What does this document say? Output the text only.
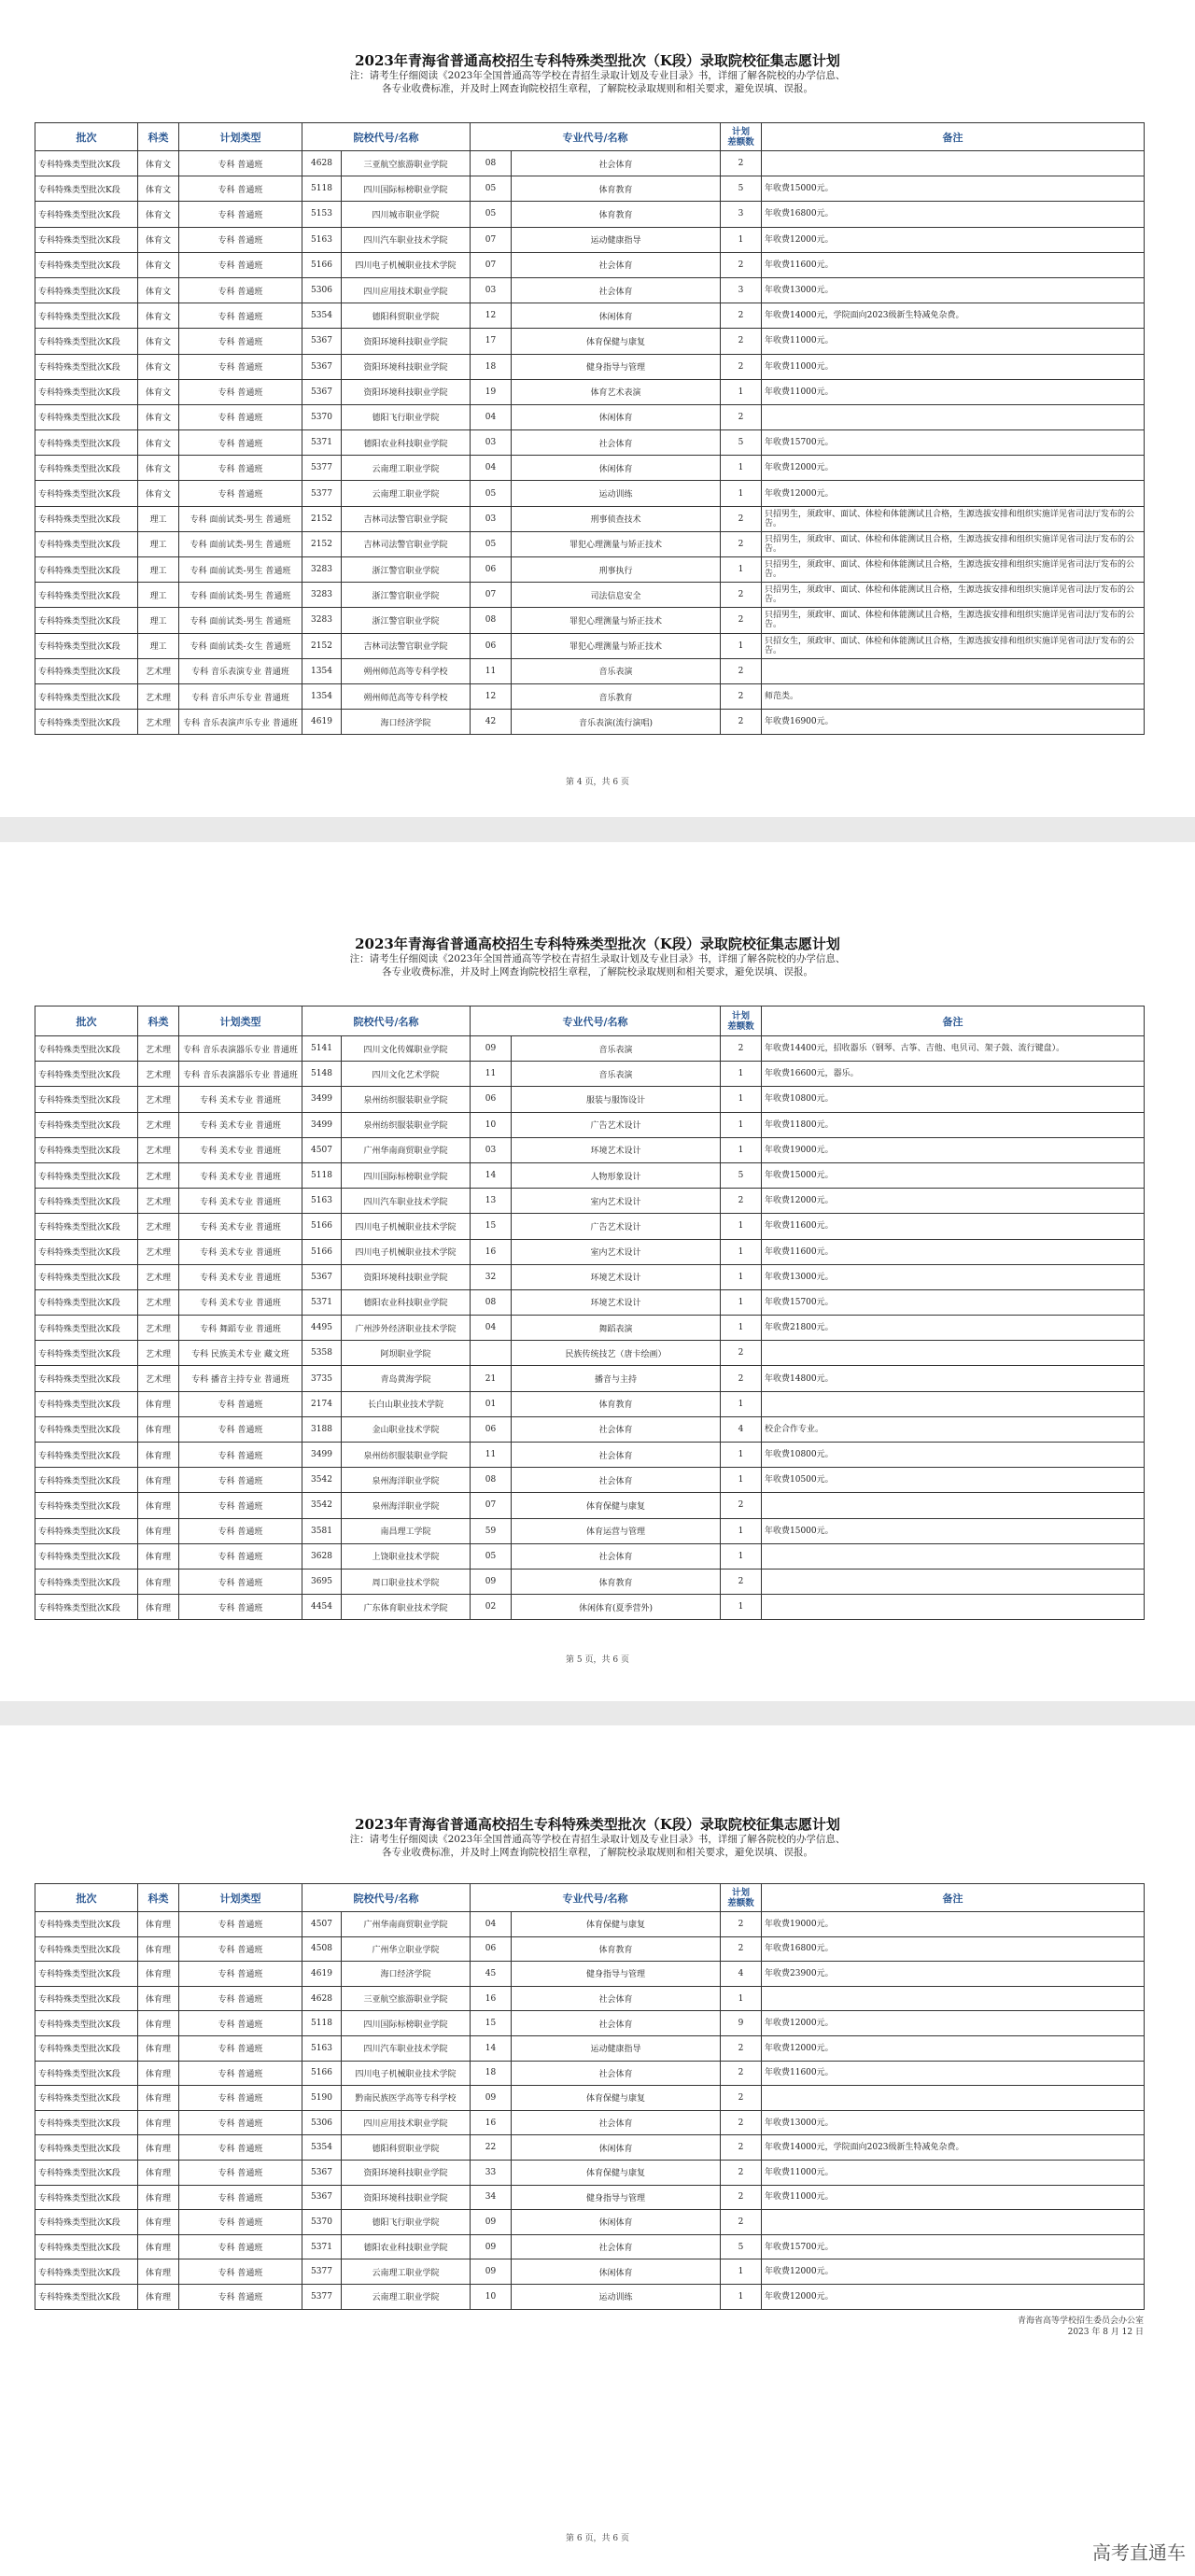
2023年青海省普通高校招生专科特殊类型批次（K段）录取院校征集志愿计划
注：请考生仔细阅读《2023年全国普通高等学校在青招生录取计划及专业目录》书，详细了解各院校的办学信息、
各专业收费标准，并及时上网查询院校招生章程，了解院校录取规则和相关要求，避免误填、误报。
批次	科类	计划类型	院校代号/名称		专业代号/名称		计划
差额数	备注
专科特殊类型批次K段	体育文	专科 普通班	4628	三亚航空旅游职业学院	08	社会体育	2	
专科特殊类型批次K段	体育文	专科 普通班	5118	四川国际标榜职业学院	05	体育教育	5	年收费15000元。
专科特殊类型批次K段	体育文	专科 普通班	5153	四川城市职业学院	05	体育教育	3	年收费16800元。
专科特殊类型批次K段	体育文	专科 普通班	5163	四川汽车职业技术学院	07	运动健康指导	1	年收费12000元。
专科特殊类型批次K段	体育文	专科 普通班	5166	四川电子机械职业技术学院	07	社会体育	2	年收费11600元。
专科特殊类型批次K段	体育文	专科 普通班	5306	四川应用技术职业学院	03	社会体育	3	年收费13000元。
专科特殊类型批次K段	体育文	专科 普通班	5354	德阳科贸职业学院	12	休闲体育	2	年收费14000元，学院面向2023级新生特减免杂费。
专科特殊类型批次K段	体育文	专科 普通班	5367	资阳环境科技职业学院	17	体育保健与康复	2	年收费11000元。
专科特殊类型批次K段	体育文	专科 普通班	5367	资阳环境科技职业学院	18	健身指导与管理	2	年收费11000元。
专科特殊类型批次K段	体育文	专科 普通班	5367	资阳环境科技职业学院	19	体育艺术表演	1	年收费11000元。
专科特殊类型批次K段	体育文	专科 普通班	5370	德阳飞行职业学院	04	休闲体育	2	
专科特殊类型批次K段	体育文	专科 普通班	5371	德阳农业科技职业学院	03	社会体育	5	年收费15700元。
专科特殊类型批次K段	体育文	专科 普通班	5377	云南理工职业学院	04	休闲体育	1	年收费12000元。
专科特殊类型批次K段	体育文	专科 普通班	5377	云南理工职业学院	05	运动训练	1	年收费12000元。
专科特殊类型批次K段	理工	专科 面前试类-男生 普通班	2152	吉林司法警官职业学院	03	刑事侦查技术	2	只招男生，须政审、面试、体检和体能测试且合格，生源选拔安排和组织实施详见省司法厅发布的公告。
专科特殊类型批次K段	理工	专科 面前试类-男生 普通班	2152	吉林司法警官职业学院	05	罪犯心理测量与矫正技术	2	只招男生，须政审、面试、体检和体能测试且合格，生源选拔安排和组织实施详见省司法厅发布的公告。
专科特殊类型批次K段	理工	专科 面前试类-男生 普通班	3283	浙江警官职业学院	06	刑事执行	1	只招男生，须政审、面试、体检和体能测试且合格，生源选拔安排和组织实施详见省司法厅发布的公告。
专科特殊类型批次K段	理工	专科 面前试类-男生 普通班	3283	浙江警官职业学院	07	司法信息安全	2	只招男生，须政审、面试、体检和体能测试且合格，生源选拔安排和组织实施详见省司法厅发布的公告。
专科特殊类型批次K段	理工	专科 面前试类-男生 普通班	3283	浙江警官职业学院	08	罪犯心理测量与矫正技术	2	只招男生，须政审、面试、体检和体能测试且合格，生源选拔安排和组织实施详见省司法厅发布的公告。
专科特殊类型批次K段	理工	专科 面前试类-女生 普通班	2152	吉林司法警官职业学院	06	罪犯心理测量与矫正技术	1	只招女生，须政审、面试、体检和体能测试且合格，生源选拔安排和组织实施详见省司法厅发布的公告。
专科特殊类型批次K段	艺术理	专科 音乐表演专业 普通班	1354	朔州师范高等专科学校	11	音乐表演	2	
专科特殊类型批次K段	艺术理	专科 音乐声乐专业 普通班	1354	朔州师范高等专科学校	12	音乐教育	2	师范类。
专科特殊类型批次K段	艺术理	专科 音乐表演声乐专业 普通班	4619	海口经济学院	42	音乐表演(流行演唱)	2	年收费16900元。
第 4 页，共 6 页
2023年青海省普通高校招生专科特殊类型批次（K段）录取院校征集志愿计划
注：请考生仔细阅读《2023年全国普通高等学校在青招生录取计划及专业目录》书，详细了解各院校的办学信息、
各专业收费标准，并及时上网查询院校招生章程，了解院校录取规则和相关要求，避免误填、误报。
批次	科类	计划类型	院校代号/名称		专业代号/名称		计划
差额数	备注
专科特殊类型批次K段	艺术理	专科 音乐表演器乐专业 普通班	5141	四川文化传媒职业学院	09	音乐表演	2	年收费14400元，招收器乐（钢琴、古筝、吉他、电贝司、架子鼓、流行键盘）。
专科特殊类型批次K段	艺术理	专科 音乐表演器乐专业 普通班	5148	四川文化艺术学院	11	音乐表演	1	年收费16600元，器乐。
专科特殊类型批次K段	艺术理	专科 美术专业 普通班	3499	泉州纺织服装职业学院	06	服装与服饰设计	1	年收费10800元。
专科特殊类型批次K段	艺术理	专科 美术专业 普通班	3499	泉州纺织服装职业学院	10	广告艺术设计	1	年收费11800元。
专科特殊类型批次K段	艺术理	专科 美术专业 普通班	4507	广州华南商贸职业学院	03	环境艺术设计	1	年收费19000元。
专科特殊类型批次K段	艺术理	专科 美术专业 普通班	5118	四川国际标榜职业学院	14	人物形象设计	5	年收费15000元。
专科特殊类型批次K段	艺术理	专科 美术专业 普通班	5163	四川汽车职业技术学院	13	室内艺术设计	2	年收费12000元。
专科特殊类型批次K段	艺术理	专科 美术专业 普通班	5166	四川电子机械职业技术学院	15	广告艺术设计	1	年收费11600元。
专科特殊类型批次K段	艺术理	专科 美术专业 普通班	5166	四川电子机械职业技术学院	16	室内艺术设计	1	年收费11600元。
专科特殊类型批次K段	艺术理	专科 美术专业 普通班	5367	资阳环境科技职业学院	32	环境艺术设计	1	年收费13000元。
专科特殊类型批次K段	艺术理	专科 美术专业 普通班	5371	德阳农业科技职业学院	08	环境艺术设计	1	年收费15700元。
专科特殊类型批次K段	艺术理	专科 舞蹈专业 普通班	4495	广州涉外经济职业技术学院	04	舞蹈表演	1	年收费21800元。
专科特殊类型批次K段	艺术理	专科 民族美术专业 藏文班	5358	阿坝职业学院		民族传统技艺（唐卡绘画）	2	
专科特殊类型批次K段	艺术理	专科 播音主持专业 普通班	3735	青岛黄海学院	21	播音与主持	2	年收费14800元。
专科特殊类型批次K段	体育理	专科 普通班	2174	长白山职业技术学院	01	体育教育	1	
专科特殊类型批次K段	体育理	专科 普通班	3188	金山职业技术学院	06	社会体育	4	校企合作专业。
专科特殊类型批次K段	体育理	专科 普通班	3499	泉州纺织服装职业学院	11	社会体育	1	年收费10800元。
专科特殊类型批次K段	体育理	专科 普通班	3542	泉州海洋职业学院	08	社会体育	1	年收费10500元。
专科特殊类型批次K段	体育理	专科 普通班	3542	泉州海洋职业学院	07	体育保健与康复	2	
专科特殊类型批次K段	体育理	专科 普通班	3581	南昌理工学院	59	体育运营与管理	1	年收费15000元。
专科特殊类型批次K段	体育理	专科 普通班	3628	上饶职业技术学院	05	社会体育	1	
专科特殊类型批次K段	体育理	专科 普通班	3695	周口职业技术学院	09	体育教育	2	
专科特殊类型批次K段	体育理	专科 普通班	4454	广东体育职业技术学院	02	休闲体育(夏季营外)	1	
第 5 页，共 6 页
2023年青海省普通高校招生专科特殊类型批次（K段）录取院校征集志愿计划
注：请考生仔细阅读《2023年全国普通高等学校在青招生录取计划及专业目录》书，详细了解各院校的办学信息、
各专业收费标准，并及时上网查询院校招生章程，了解院校录取规则和相关要求，避免误填、误报。
批次	科类	计划类型	院校代号/名称		专业代号/名称		计划
差额数	备注
专科特殊类型批次K段	体育理	专科 普通班	4507	广州华南商贸职业学院	04	体育保健与康复	2	年收费19000元。
专科特殊类型批次K段	体育理	专科 普通班	4508	广州华立职业学院	06	体育教育	2	年收费16800元。
专科特殊类型批次K段	体育理	专科 普通班	4619	海口经济学院	45	健身指导与管理	4	年收费23900元。
专科特殊类型批次K段	体育理	专科 普通班	4628	三亚航空旅游职业学院	16	社会体育	1	
专科特殊类型批次K段	体育理	专科 普通班	5118	四川国际标榜职业学院	15	社会体育	9	年收费12000元。
专科特殊类型批次K段	体育理	专科 普通班	5163	四川汽车职业技术学院	14	运动健康指导	2	年收费12000元。
专科特殊类型批次K段	体育理	专科 普通班	5166	四川电子机械职业技术学院	18	社会体育	2	年收费11600元。
专科特殊类型批次K段	体育理	专科 普通班	5190	黔南民族医学高等专科学校	09	体育保健与康复	2	
专科特殊类型批次K段	体育理	专科 普通班	5306	四川应用技术职业学院	16	社会体育	2	年收费13000元。
专科特殊类型批次K段	体育理	专科 普通班	5354	德阳科贸职业学院	22	休闲体育	2	年收费14000元，学院面向2023级新生特减免杂费。
专科特殊类型批次K段	体育理	专科 普通班	5367	资阳环境科技职业学院	33	体育保健与康复	2	年收费11000元。
专科特殊类型批次K段	体育理	专科 普通班	5367	资阳环境科技职业学院	34	健身指导与管理	2	年收费11000元。
专科特殊类型批次K段	体育理	专科 普通班	5370	德阳飞行职业学院	09	休闲体育	2	
专科特殊类型批次K段	体育理	专科 普通班	5371	德阳农业科技职业学院	09	社会体育	5	年收费15700元。
专科特殊类型批次K段	体育理	专科 普通班	5377	云南理工职业学院	09	休闲体育	1	年收费12000元。
专科特殊类型批次K段	体育理	专科 普通班	5377	云南理工职业学院	10	运动训练	1	年收费12000元。
青海省高等学校招生委员会办公室
2023 年 8 月 12 日
第 6 页，共 6 页
高考直通车
